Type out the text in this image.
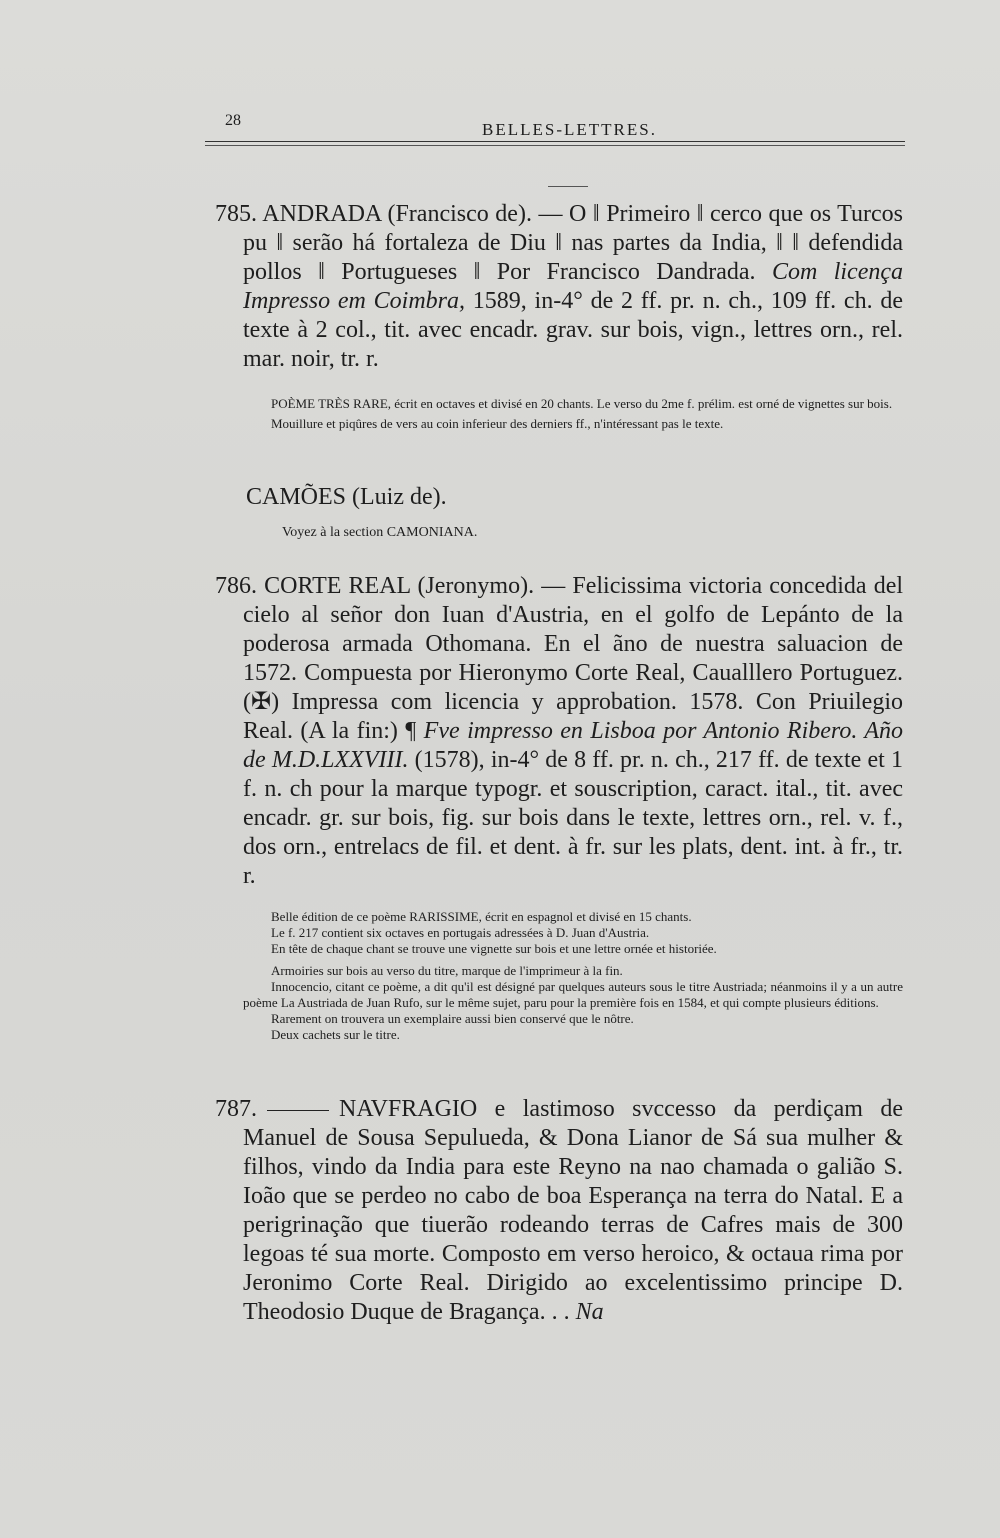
28	BELLES-LETTRES.

785. ANDRADA (Francisco de). — O ‖ Primeiro ‖ cerco que os Turcos pu ‖ serão há fortaleza de Diu ‖ nas partes da India, ‖ ‖ defendida pollos ‖ Portugueses ‖ Por Francisco Dandrada. Com licença Impresso em Coimbra, 1589, in-4° de 2 ff. pr. n. ch., 109 ff. ch. de texte à 2 col., tit. avec encadr. grav. sur bois, vign., lettres orn., rel. mar. noir, tr. r.

POÈME TRÈS RARE, écrit en octaves et divisé en 20 chants. Le verso du 2me f. prélim. est orné de vignettes sur bois.

Mouillure et piqûres de vers au coin inferieur des derniers ff., n'intéressant pas le texte.

CAMÕES (Luiz de).
Voyez à la section CAMONIANA.

786. CORTE REAL (Jeronymo). — Felicissima victoria concedida del cielo al señor don Iuan d'Austria, en el golfo de Lepánto de la poderosa armada Othomana. En el ãno de nuestra saluacion de 1572. Compuesta por Hieronymo Corte Real, Caualllero Portuguez. (✠) Impressa com licencia y approbation. 1578. Con Priuilegio Real. (A la fin:) ¶ Fve impresso en Lisboa por Antonio Ribero. Año de M.D.LXXVIII. (1578), in-4° de 8 ff. pr. n. ch., 217 ff. de texte et 1 f. n. ch pour la marque typogr. et souscription, caract. ital., tit. avec encadr. gr. sur bois, fig. sur bois dans le texte, lettres orn., rel. v. f., dos orn., entrelacs de fil. et dent. à fr. sur les plats, dent. int. à fr., tr. r.

Belle édition de ce poème RARISSIME, écrit en espagnol et divisé en 15 chants.

Le f. 217 contient six octaves en portugais adressées à D. Juan d'Austria.

En tête de chaque chant se trouve une vignette sur bois et une lettre ornée et historiée.

Armoiries sur bois au verso du titre, marque de l'imprimeur à la fin.

Innocencio, citant ce poème, a dit qu'il est désigné par quelques auteurs sous le titre Austriada; néanmoins il y a un autre poème La Austriada de Juan Rufo, sur le même sujet, paru pour la première fois en 1584, et qui compte plusieurs éditions.

Rarement on trouvera un exemplaire aussi bien conservé que le nôtre.

Deux cachets sur le titre.

787.	NAVFRAGIO e lastimoso svccesso da perdiçam de Manuel de Sousa Sepulueda, & Dona Lianor de Sá sua mulher & filhos, vindo da India para este Reyno na nao chamada o galião S. Ioão que se perdeo no cabo de boa Esperança na terra do Natal. E a perigrinação que tiuerão rodeando terras de Cafres mais de 300 legoas té sua morte. Composto em verso heroico, & octaua rima por Jeronimo Corte Real. Dirigido ao excelentissimo principe D. Theodosio Duque de Bragança. . . Na
